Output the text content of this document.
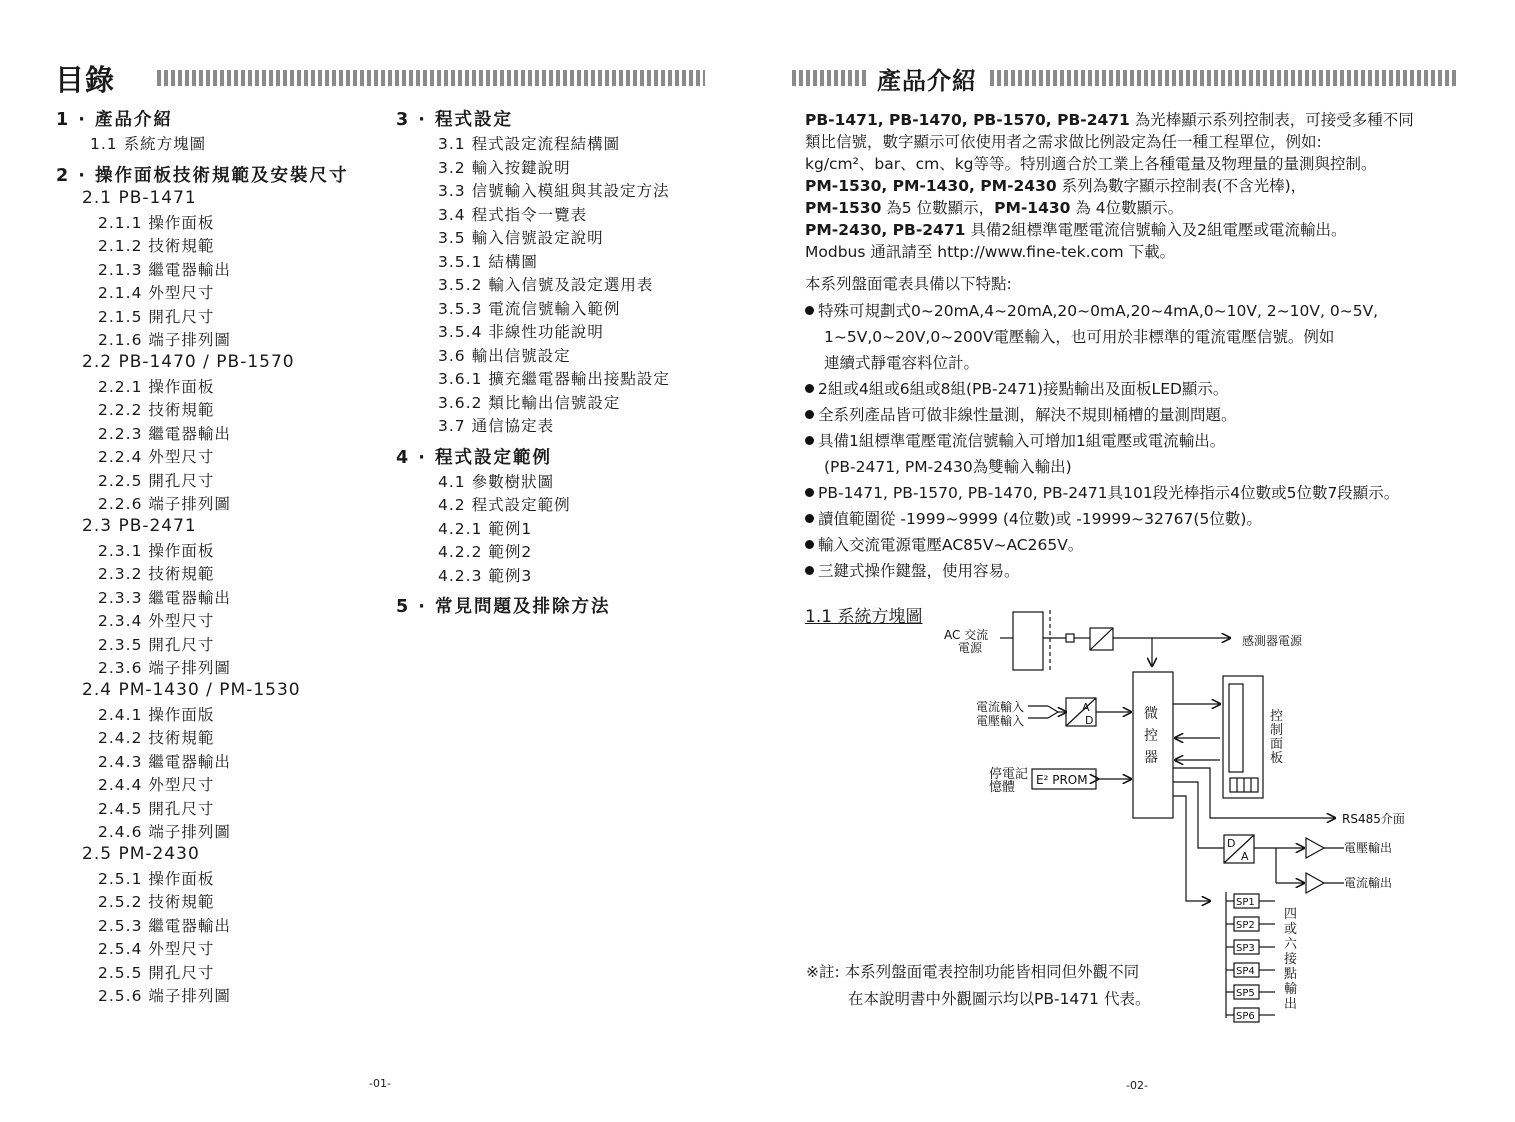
目錄
1 · 產品介紹
1.1 系統方塊圖
2 · 操作面板技術規範及安裝尺寸
2.1 PB-1471
2.1.1 操作面板
2.1.2 技術規範
2.1.3 繼電器輸出
2.1.4 外型尺寸
2.1.5 開孔尺寸
2.1.6 端子排列圖
2.2 PB-1470 / PB-1570
2.2.1 操作面板
2.2.2 技術規範
2.2.3 繼電器輸出
2.2.4 外型尺寸
2.2.5 開孔尺寸
2.2.6 端子排列圖
2.3 PB-2471
2.3.1 操作面板
2.3.2 技術規範
2.3.3 繼電器輸出
2.3.4 外型尺寸
2.3.5 開孔尺寸
2.3.6 端子排列圖
2.4 PM-1430 / PM-1530
2.4.1 操作面版
2.4.2 技術規範
2.4.3 繼電器輸出
2.4.4 外型尺寸
2.4.5 開孔尺寸
2.4.6 端子排列圖
2.5 PM-2430
2.5.1 操作面板
2.5.2 技術規範
2.5.3 繼電器輸出
2.5.4 外型尺寸
2.5.5 開孔尺寸
2.5.6 端子排列圖
3 · 程式設定
3.1 程式設定流程結構圖
3.2 輸入按鍵說明
3.3 信號輸入模組與其設定方法
3.4 程式指令一覽表
3.5 輸入信號設定說明
3.5.1 結構圖
3.5.2 輸入信號及設定選用表
3.5.3 電流信號輸入範例
3.5.4 非線性功能說明
3.6 輸出信號設定
3.6.1 擴充繼電器輸出接點設定
3.6.2 類比輸出信號設定
3.7 通信協定表
4 · 程式設定範例
4.1 參數樹狀圖
4.2 程式設定範例
4.2.1 範例1
4.2.2 範例2
4.2.3 範例3
5 · 常見問題及排除方法
-01-
產品介紹
PB-1471, PB-1470, PB-1570, PB-2471 為光棒顯示系列控制表，可接受多種不同
類比信號，數字顯示可依使用者之需求做比例設定為任一種工程單位，例如:
kg/cm²、bar、cm、kg等等。特別適合於工業上各種電量及物理量的量測與控制。
PM-1530, PM-1430, PM-2430 系列為數字顯示控制表(不含光棒)，
PM-1530 為5 位數顯示，PM-1430 為 4位數顯示。
PM-2430, PB-2471 具備2組標準電壓電流信號輸入及2組電壓或電流輸出。
Modbus 通訊請至 http://www.fine-tek.com 下載。
本系列盤面電表具備以下特點:
特殊可規劃式0~20mA,4~20mA,20~0mA,20~4mA,0~10V, 2~10V, 0~5V,
1~5V,0~20V,0~200V電壓輸入，也可用於非標準的電流電壓信號。例如
連續式靜電容料位計。
2組或4組或6組或8組(PB-2471)接點輸出及面板LED顯示。
全系列產品皆可做非線性量測，解決不規則桶槽的量測問題。
具備1組標準電壓電流信號輸入可增加1組電壓或電流輸出。
(PB-2471, PM-2430為雙輸入輸出)
PB-1471, PB-1570, PB-1470, PB-2471具101段光棒指示4位數或5位數7段顯示。
讀值範圍從 -1999~9999 (4位數)或 -19999~32767(5位數)。
輸入交流電源電壓AC85V~AC265V。
三鍵式操作鍵盤，使用容易。
1.1 系統方塊圖
AC 交流
電源	感測器電源
電流輸入
電壓輸入
停電記
憶體 E² PROM
微
控
器
A
D
D
A
控
制
面
板
RS485介面
電壓輸出
電流輸出
SP1
SP2
SP3
SP4
SP5
SP6
四
或
六
接
點
輸
出
※註: 本系列盤面電表控制功能皆相同但外觀不同
在本說明書中外觀圖示均以PB-1471 代表。
-02-
